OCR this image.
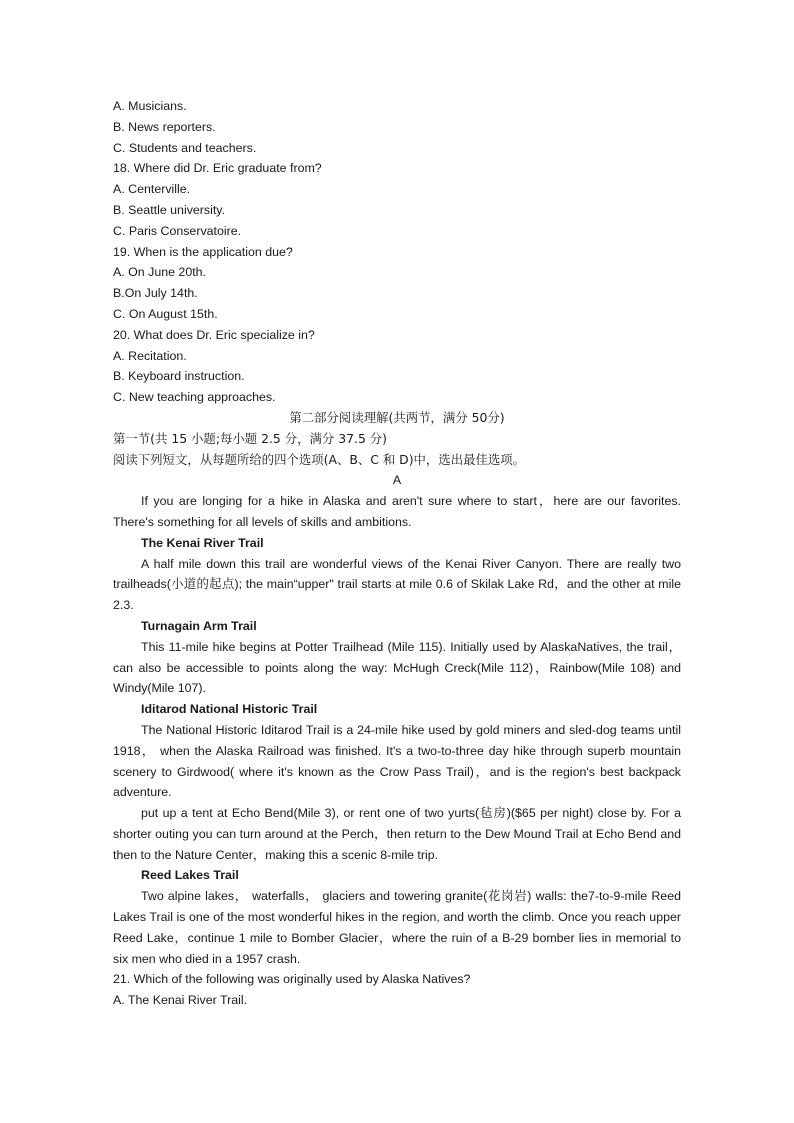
A. Musicians.

B. News reporters.

C. Students and teachers.

18. Where did Dr. Eric graduate from?

A. Centerville.

B. Seattle university.

C. Paris Conservatoire.

19. When is the application due?

A. On June 20th.

B.On July 14th.

C. On August 15th.

20. What does Dr. Eric specialize in?

A. Recitation.

B. Keyboard instruction.

C. New teaching approaches.

第二部分阅读理解(共两节，满分 50分)

第一节(共 15 小题;每小题 2.5 分，满分 37.5 分)

阅读下列短文，从每题所给的四个选项(A、B、C 和 D)中，选出最佳选项。

A

If you are longing for a hike in Alaska and aren't sure where to start，here are our favorites. There's something for all levels of skills and ambitions.

The Kenai River Trail

A half mile down this trail are wonderful views of the Kenai River Canyon. There are really two trailheads(小道的起点); the main“upper" trail starts at mile 0.6 of Skilak Lake Rd，and the other at mile 2.3.

Turnagain Arm Trail

This 11-mile hike begins at Potter Trailhead (Mile 115). Initially used by AlaskaNatives, the trail，can also be accessible to points along the way: McHugh Creck(Mile 112)，Rainbow(Mile 108) and Windy(Mile 107).

Iditarod National Historic Trail

The National Historic Iditarod Trail is a 24-mile hike used by gold miners and sled-dog teams until 1918， when the Alaska Railroad was finished. It's a two-to-three day hike through superb mountain scenery to Girdwood( where it's known as the Crow Pass Trail)，and is the region's best backpack adventure.

put up a tent at Echo Bend(Mile 3), or rent one of two yurts(毡房)($65 per night) close by. For a shorter outing you can turn around at the Perch，then return to the Dew Mound Trail at Echo Bend and then to the Nature Center，making this a scenic 8-mile trip.

Reed Lakes Trail

Two alpine lakes， waterfalls， glaciers and towering granite(花岗岩) walls: the7-to-9-mile Reed Lakes Trail is one of the most wonderful hikes in the region, and worth the climb. Once you reach upper Reed Lake，continue 1 mile to Bomber Glacier，where the ruin of a B-29 bomber lies in memorial to six men who died in a 1957 crash.

21. Which of the following was originally used by Alaska Natives?

A. The Kenai River Trail.
